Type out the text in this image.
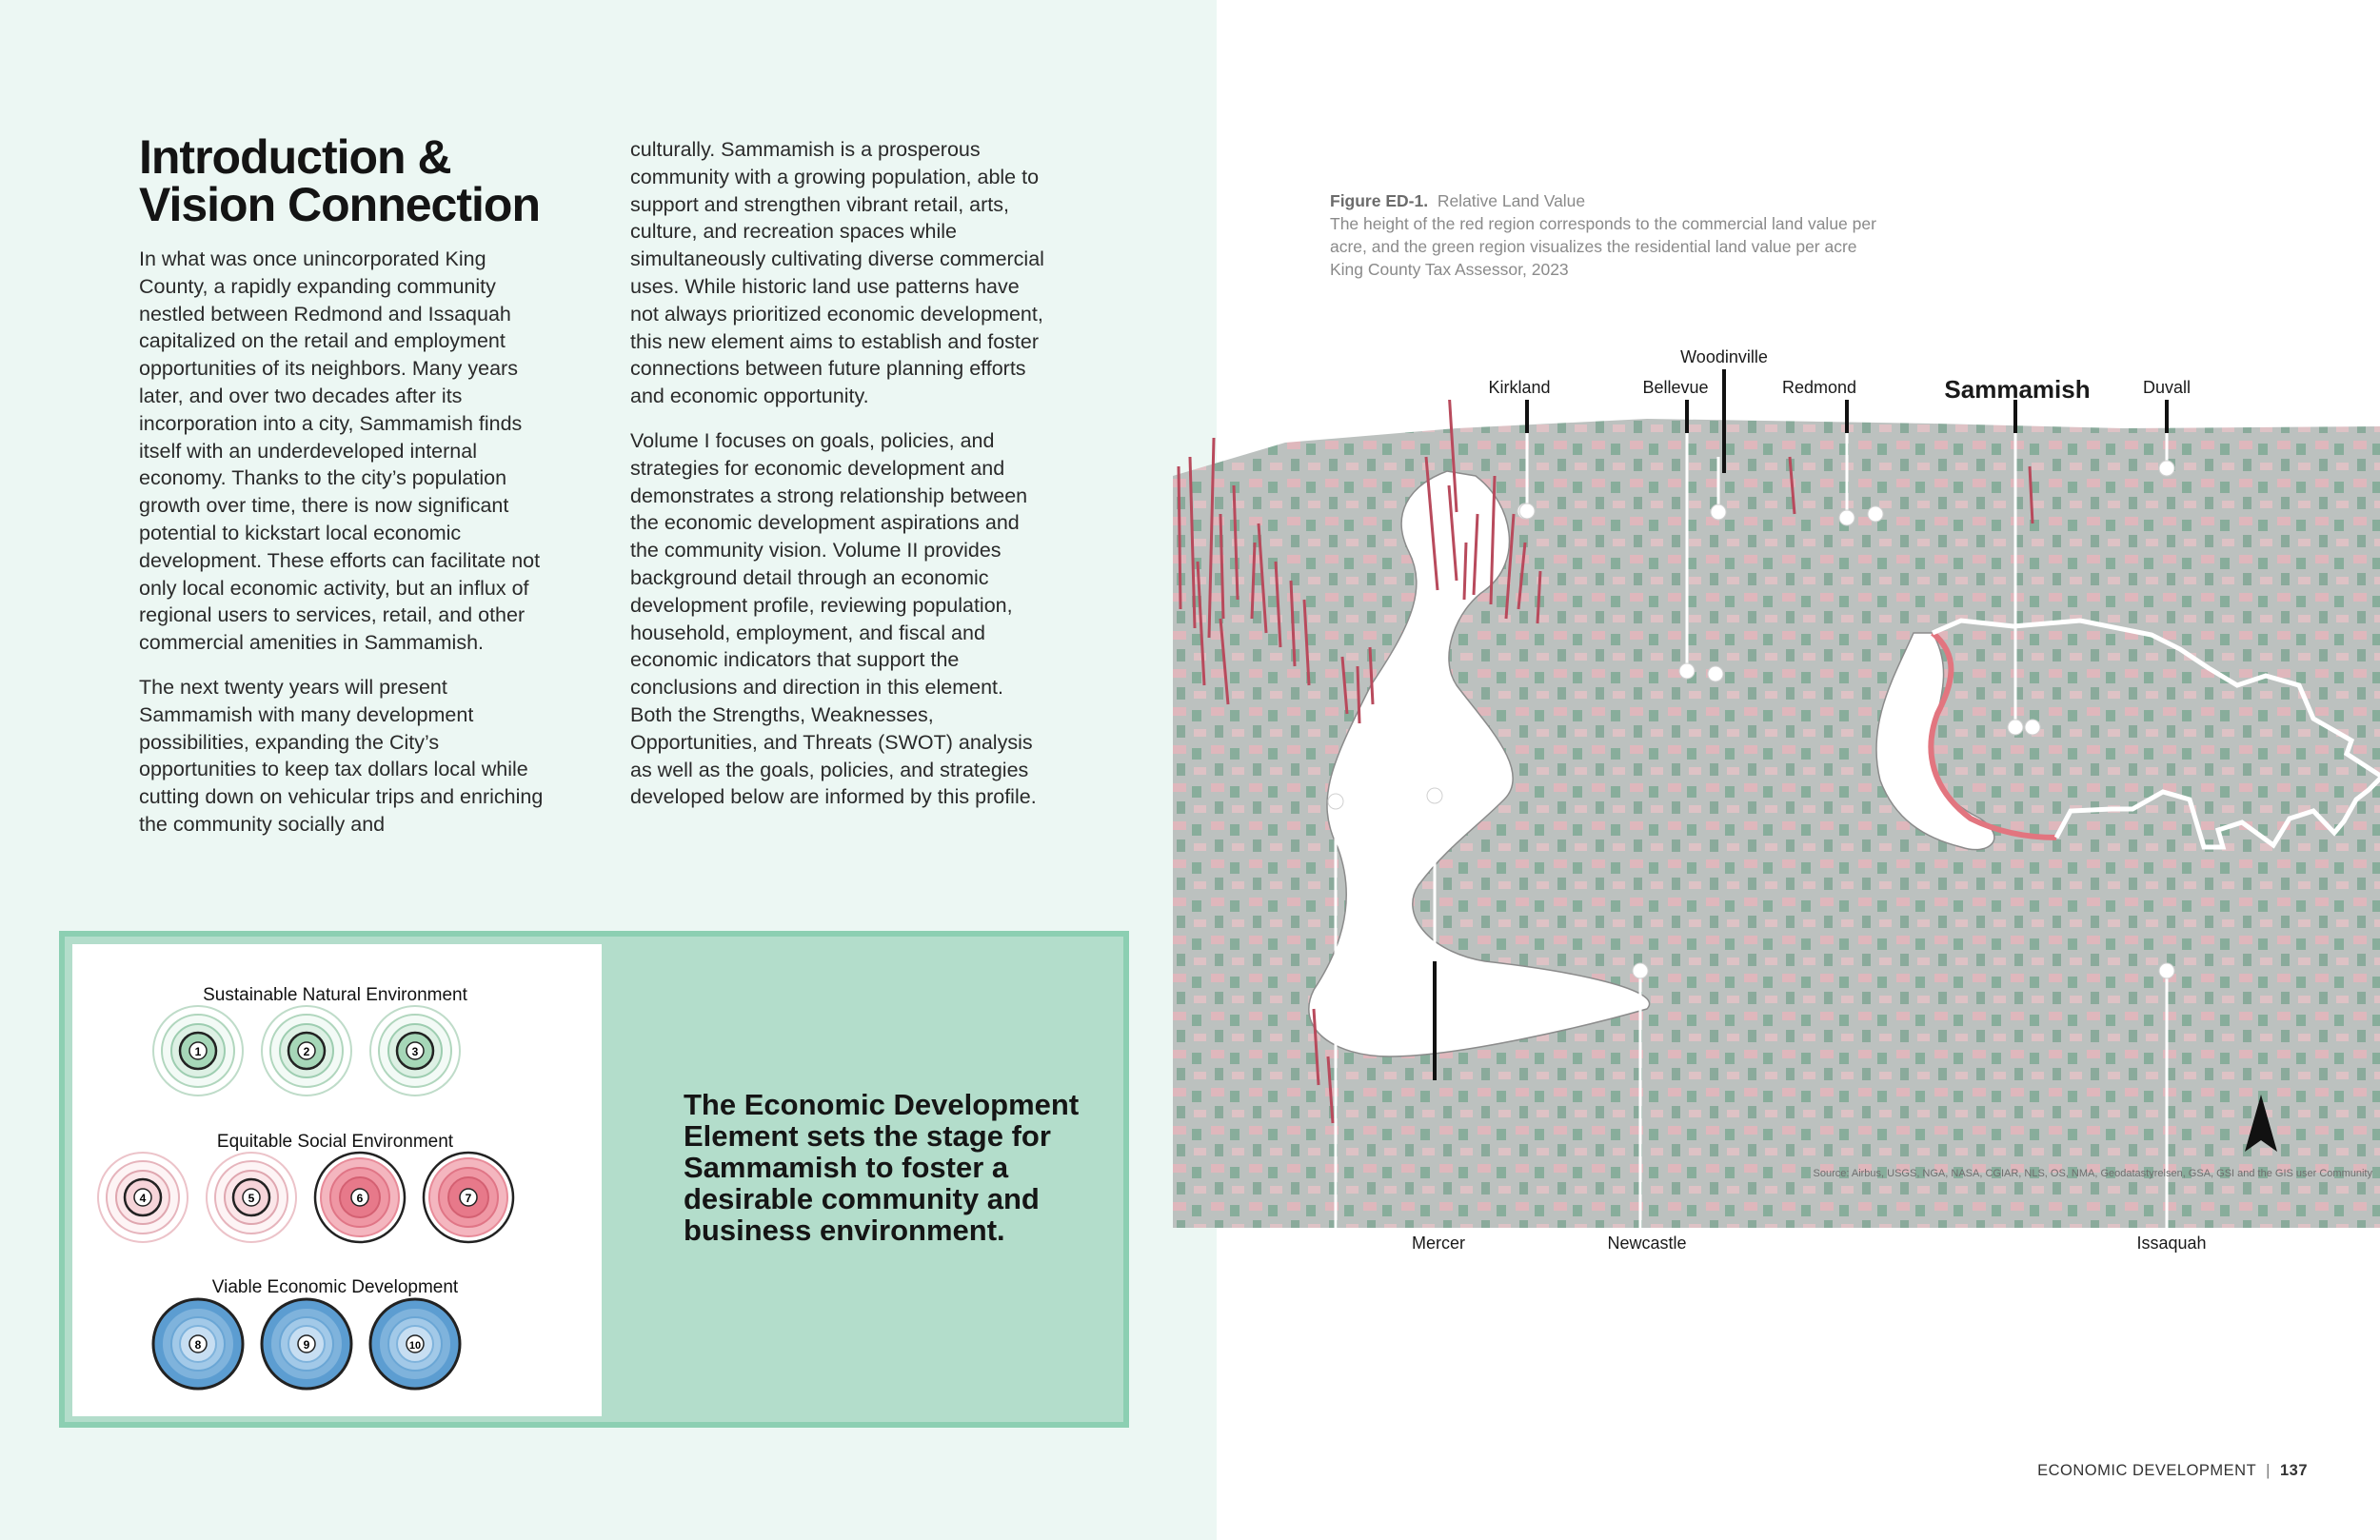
Introduction & Vision Connection

In what was once unincorporated King County, a rapidly expanding community nestled between Redmond and Issaquah capitalized on the retail and employment opportunities of its neighbors. Many years later, and over two decades after its incorporation into a city, Sammamish finds itself with an underdeveloped internal economy. Thanks to the city’s population growth over time, there is now significant potential to kickstart local economic development. These efforts can facilitate not only local economic activity, but an influx of regional users to services, retail, and other commercial amenities in Sammamish.

The next twenty years will present Sammamish with many development possibilities, expanding the City’s opportunities to keep tax dollars local while cutting down on vehicular trips and enriching the community socially and

culturally. Sammamish is a prosperous community with a growing population, able to support and strengthen vibrant retail, arts, culture, and recreation spaces while simultaneously cultivating diverse commercial uses. While historic land use patterns have not always prioritized economic development, this new element aims to establish and foster connections between future planning efforts and economic opportunity.

Volume I focuses on goals, policies, and strategies for economic development and demonstrates a strong relationship between the economic development aspirations and the community vision. Volume II provides background detail through an economic development profile, reviewing population, household, employment, and fiscal and economic indicators that support the conclusions and direction in this element. Both the Strengths, Weaknesses, Opportunities, and Threats (SWOT) analysis as well as the goals, policies, and strategies developed below are informed by this profile.

Sustainable Natural Environment
1	2	3
Equitable Social Environment
4	5	6	7
Viable Economic Development
8	9	10

The Economic Development Element sets the stage for Sammamish to foster a desirable community and business environment.

Figure ED-1. Relative Land Value
The height of the red region corresponds to the commercial land value per
acre, and the green region visualizes the residential land value per acre
King County Tax Assessor, 2023
Source: Airbus, USGS, NGA, NASA, CGIAR, NLS, OS, NMA, Geodatastyrelsen, GSA, GSI and the GIS user Community
Woodinville
Kirkland	Bellevue	Redmond	Sammamish	Duvall
Mercer	Newcastle	Issaquah
ECONOMIC DEVELOPMENT | 137
